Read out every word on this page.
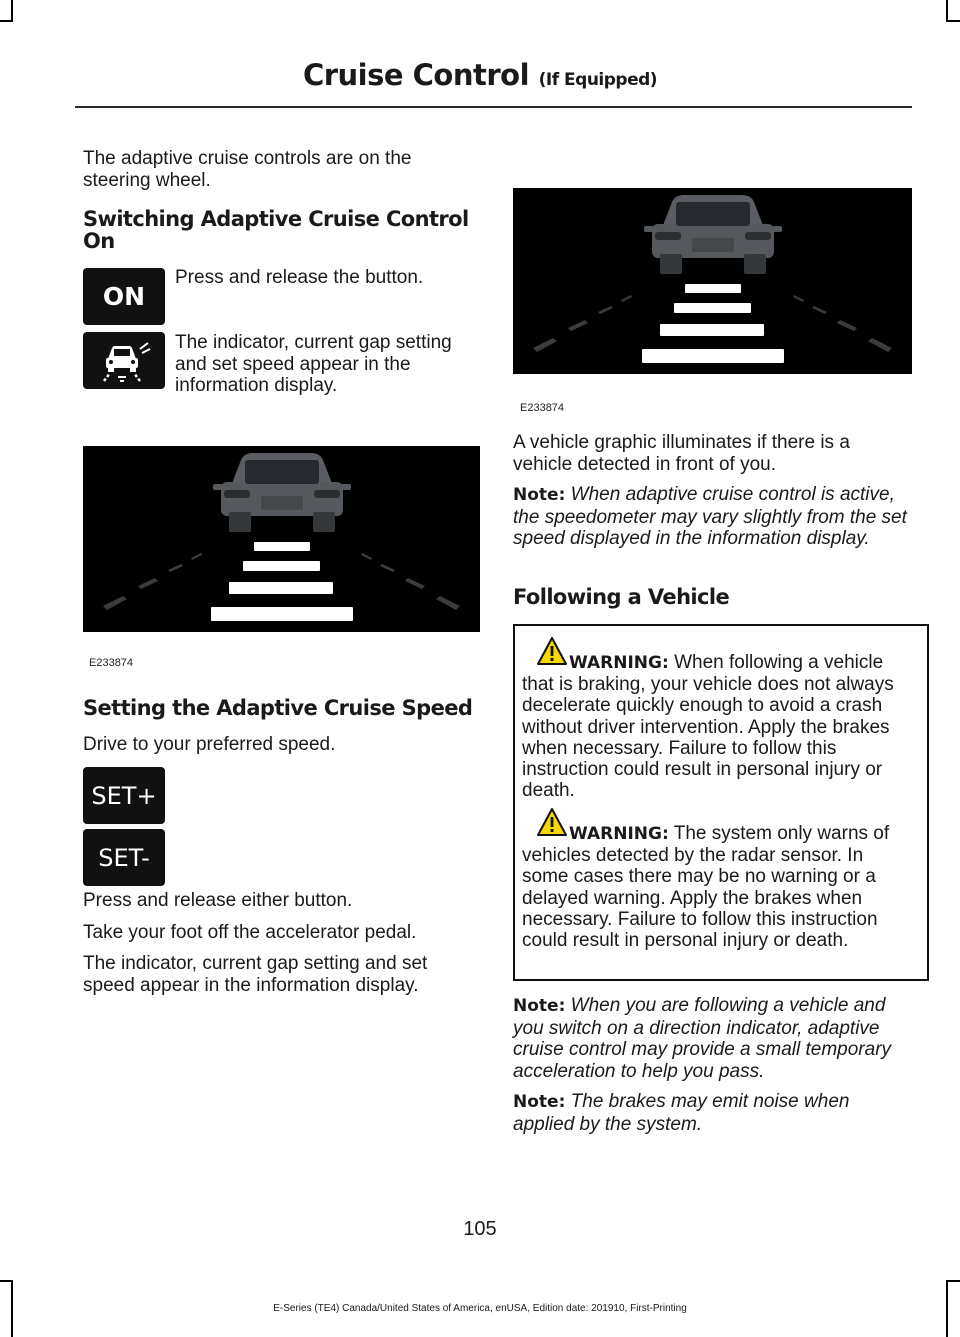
Cruise Control (If Equipped)

The adaptive cruise controls are on the steering wheel.

Switching Adaptive Cruise Control On
ON

Press and release the button.

The indicator, current gap setting and set speed appear in the information display.

E233874
Setting the Adaptive Cruise Speed

Drive to your preferred speed.

SET+
SET-

Press and release either button.

Take your foot off the accelerator pedal.

The indicator, current gap setting and set speed appear in the information display.

E233874

A vehicle graphic illuminates if there is a vehicle detected in front of you.

Note: When adaptive cruise control is active, the speedometer may vary slightly from the set speed displayed in the information display.

Following a Vehicle

WARNING: When following a vehicle that is braking, your vehicle does not always decelerate quickly enough to avoid a crash without driver intervention. Apply the brakes when necessary. Failure to follow this instruction could result in personal injury or death.

WARNING: The system only warns of vehicles detected by the radar sensor. In some cases there may be no warning or a delayed warning. Apply the brakes when necessary. Failure to follow this instruction could result in personal injury or death.

Note: When you are following a vehicle and you switch on a direction indicator, adaptive cruise control may provide a small temporary acceleration to help you pass.

Note: The brakes may emit noise when applied by the system.

105
E-Series (TE4) Canada/United States of America, enUSA, Edition date: 201910, First-Printing
